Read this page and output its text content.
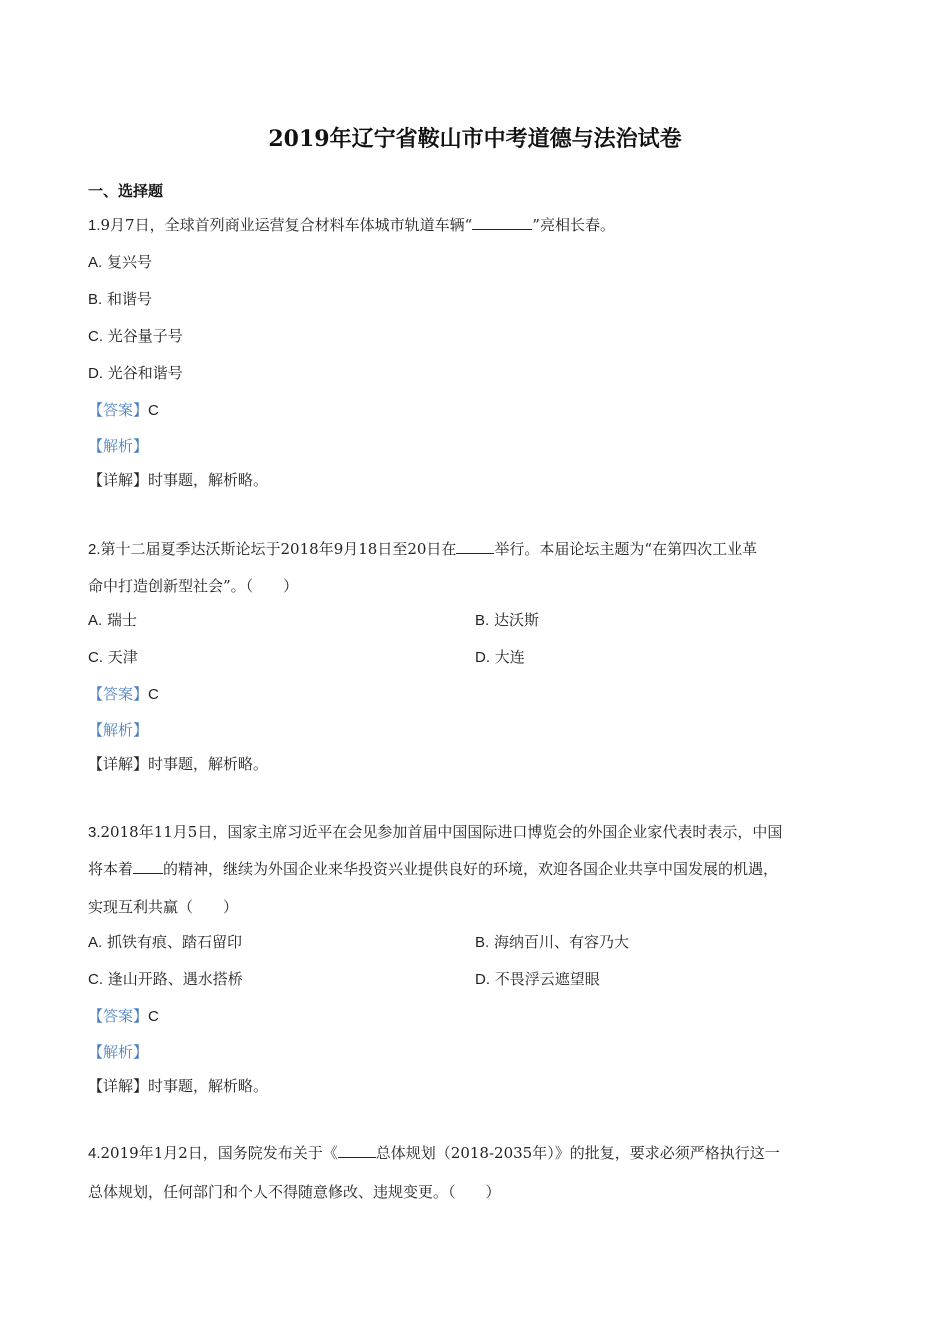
2019年辽宁省鞍山市中考道德与法治试卷
一、选择题
1.9月7日，全球首列商业运营复合材料车体城市轨道车辆“	”亮相长春。
A. 复兴号
B. 和谐号
C. 光谷量子号
D. 光谷和谐号
【答案】C
【解析】
【详解】时事题，解析略。
2.第十二届夏季达沃斯论坛于2018年9月18日至20日在	举行。本届论坛主题为“在第四次工业革
命中打造创新型社会”。（　　）
A. 瑞士	B. 达沃斯
C. 天津	D. 大连
【答案】C
【解析】
【详解】时事题，解析略。
3.2018年11月5日，国家主席习近平在会见参加首届中国国际进口博览会的外国企业家代表时表示，中国
将本着 的精神，继续为外国企业来华投资兴业提供良好的环境，欢迎各国企业共享中国发展的机遇，
实现互利共赢（　　）
A. 抓铁有痕、踏石留印	B. 海纳百川、有容乃大
C. 逢山开路、遇水搭桥	D. 不畏浮云遮望眼
【答案】C
【解析】
【详解】时事题，解析略。
4.2019年1月2日，国务院发布关于《	总体规划（2018-2035年）》的批复，要求必须严格执行这一
总体规划，任何部门和个人不得随意修改、违规变更。（　　）
